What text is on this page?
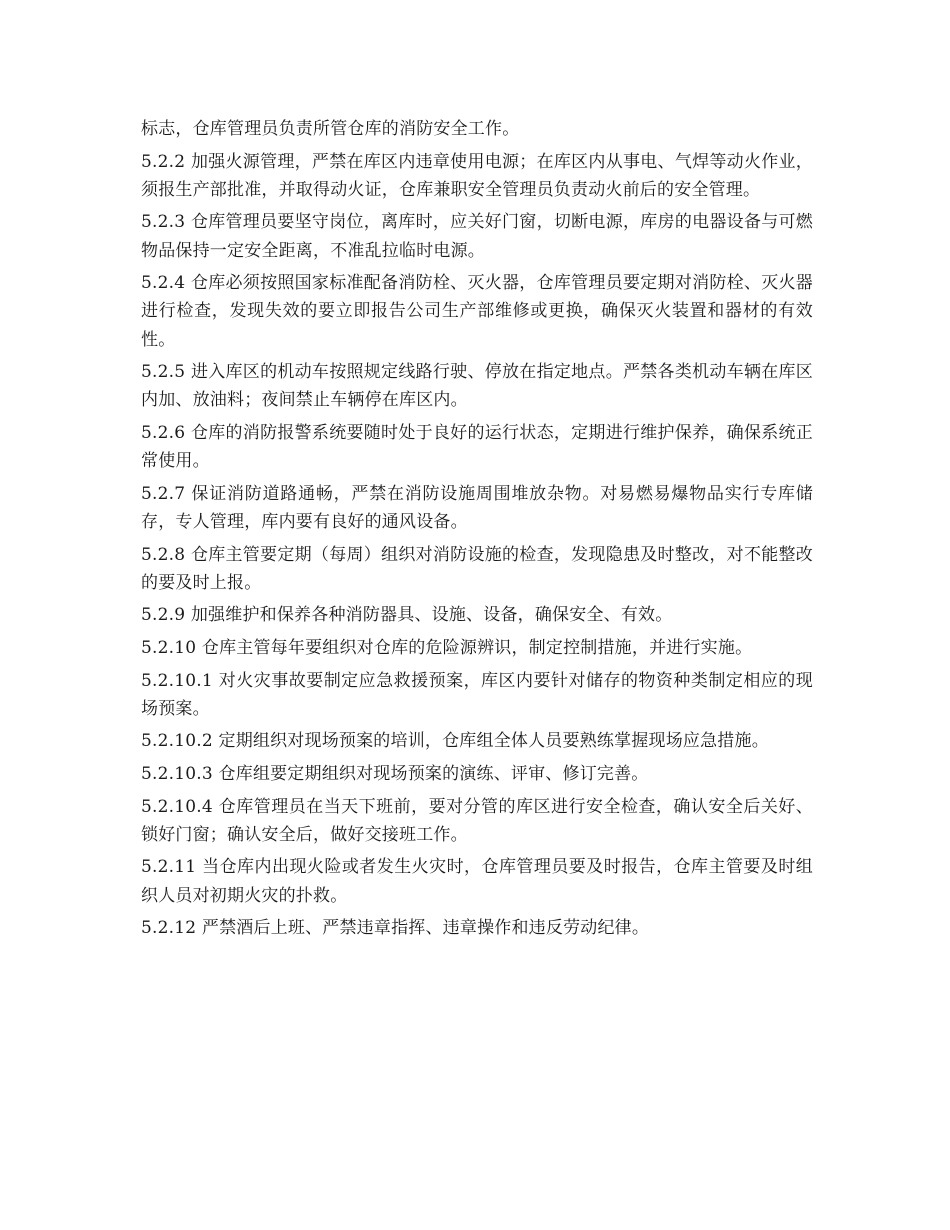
标志，仓库管理员负责所管仓库的消防安全工作。

5.2.2 加强火源管理，严禁在库区内违章使用电源；在库区内从事电、气焊等动火作业，须报生产部批准，并取得动火证，仓库兼职安全管理员负责动火前后的安全管理。

5.2.3 仓库管理员要坚守岗位，离库时，应关好门窗，切断电源，库房的电器设备与可燃物品保持一定安全距离，不准乱拉临时电源。

5.2.4 仓库必须按照国家标准配备消防栓、灭火器，仓库管理员要定期对消防栓、灭火器进行检查，发现失效的要立即报告公司生产部维修或更换，确保灭火装置和器材的有效性。

5.2.5 进入库区的机动车按照规定线路行驶、停放在指定地点。严禁各类机动车辆在库区内加、放油料；夜间禁止车辆停在库区内。

5.2.6 仓库的消防报警系统要随时处于良好的运行状态，定期进行维护保养，确保系统正常使用。

5.2.7 保证消防道路通畅，严禁在消防设施周围堆放杂物。对易燃易爆物品实行专库储存，专人管理，库内要有良好的通风设备。

5.2.8 仓库主管要定期（每周）组织对消防设施的检查，发现隐患及时整改，对不能整改的要及时上报。

5.2.9 加强维护和保养各种消防器具、设施、设备，确保安全、有效。

5.2.10 仓库主管每年要组织对仓库的危险源辨识，制定控制措施，并进行实施。

5.2.10.1 对火灾事故要制定应急救援预案，库区内要针对储存的物资种类制定相应的现场预案。

5.2.10.2 定期组织对现场预案的培训，仓库组全体人员要熟练掌握现场应急措施。

5.2.10.3 仓库组要定期组织对现场预案的演练、评审、修订完善。

5.2.10.4 仓库管理员在当天下班前，要对分管的库区进行安全检查，确认安全后关好、锁好门窗；确认安全后，做好交接班工作。

5.2.11 当仓库内出现火险或者发生火灾时，仓库管理员要及时报告，仓库主管要及时组织人员对初期火灾的扑救。

5.2.12 严禁酒后上班、严禁违章指挥、违章操作和违反劳动纪律。
